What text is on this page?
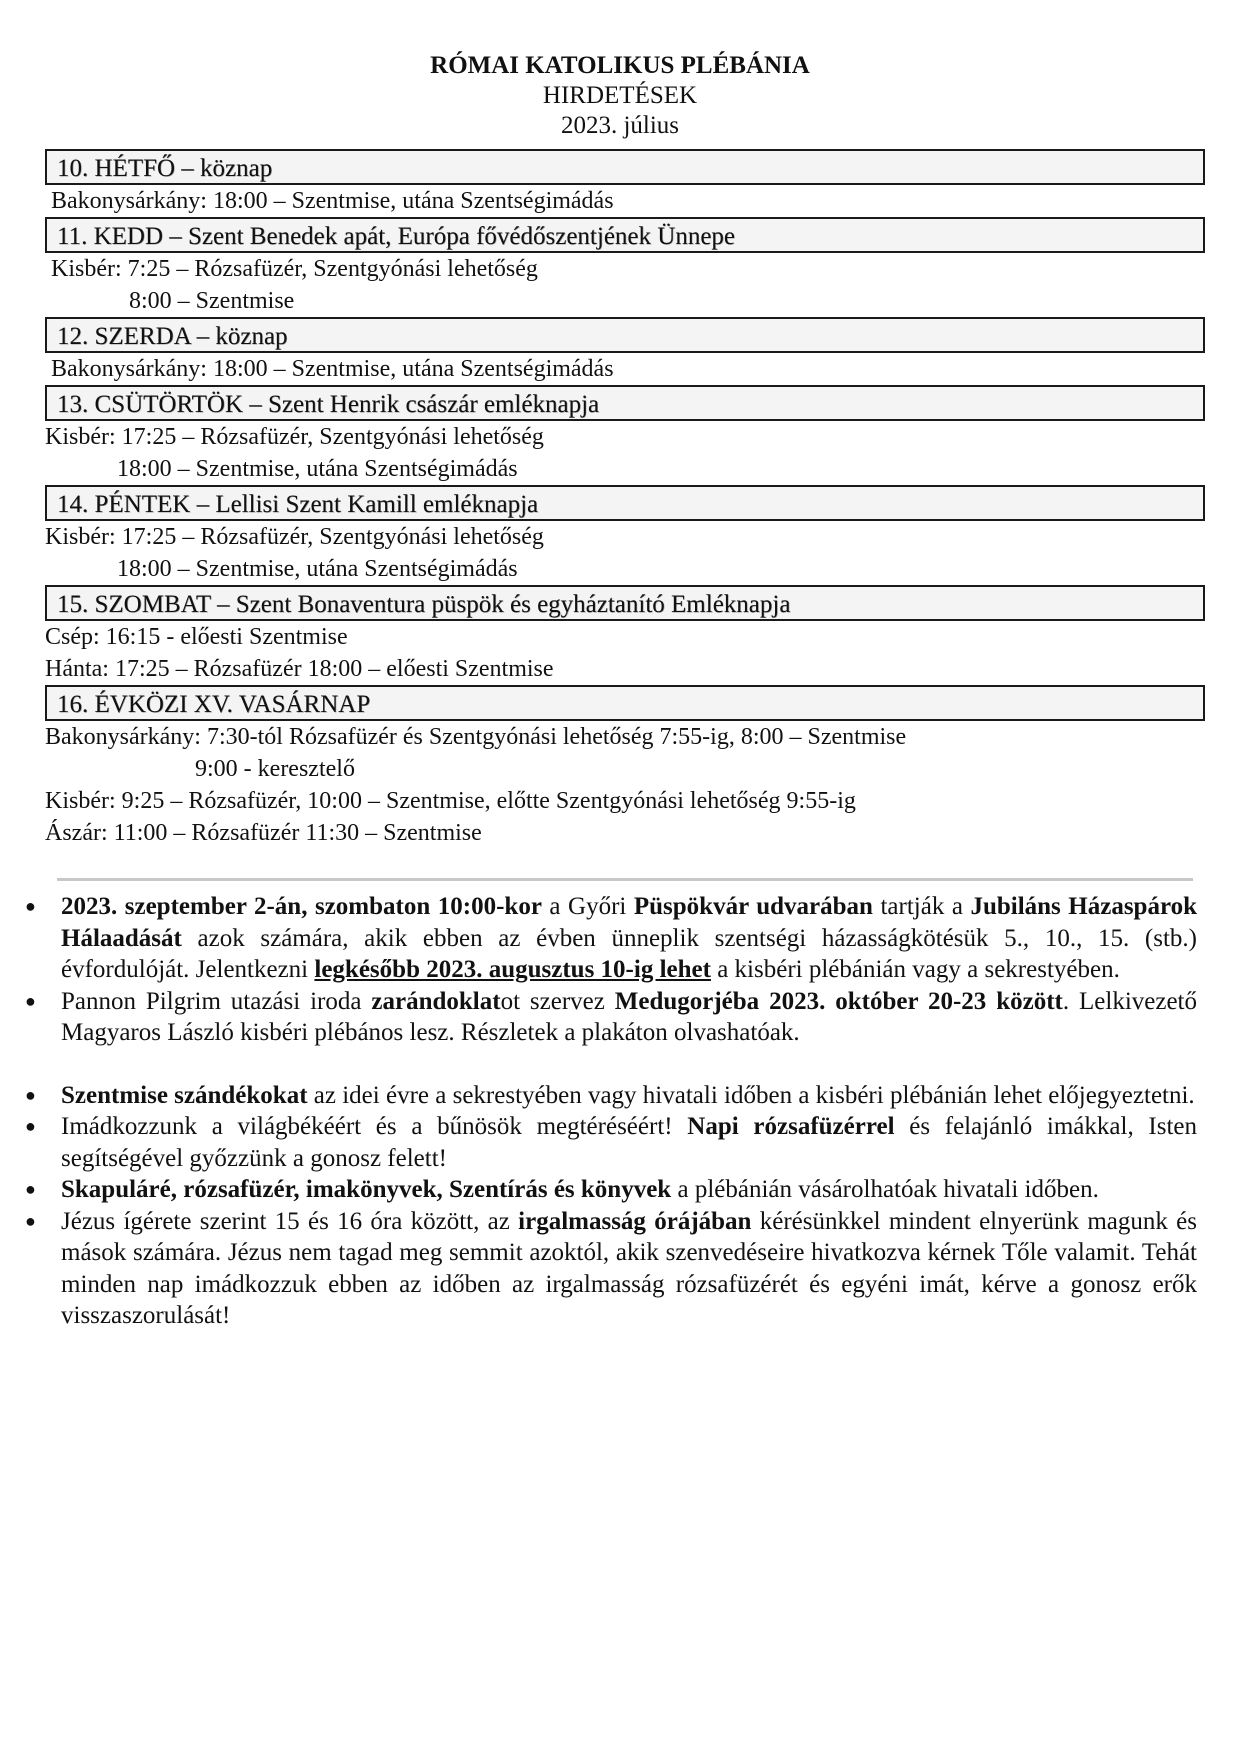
RÓMAI KATOLIKUS PLÉBÁNIA
HIRDETÉSEK
2023. július
10. HÉTFŐ – köznap
Bakonysárkány: 18:00 – Szentmise, utána Szentségimádás
11. KEDD – Szent Benedek apát, Európa fővédőszentjének Ünnepe
Kisbér: 7:25 – Rózsafüzér, Szentgyónási lehetőség
8:00 – Szentmise
12. SZERDA – köznap
Bakonysárkány: 18:00 – Szentmise, utána Szentségimádás
13. CSÜTÖRTÖK – Szent Henrik császár emléknapja
Kisbér: 17:25 – Rózsafüzér, Szentgyónási lehetőség
18:00 – Szentmise, utána Szentségimádás
14. PÉNTEK – Lellisi Szent Kamill emléknapja
Kisbér: 17:25 – Rózsafüzér, Szentgyónási lehetőség
18:00 – Szentmise, utána Szentségimádás
15. SZOMBAT – Szent Bonaventura püspök és egyháztanító Emléknapja
Csép: 16:15 - előesti Szentmise
Hánta: 17:25 – Rózsafüzér 18:00 – előesti Szentmise
16. ÉVKÖZI XV. VASÁRNAP
Bakonysárkány: 7:30-tól Rózsafüzér és Szentgyónási lehetőség 7:55-ig, 8:00 – Szentmise
9:00 - keresztelő
Kisbér: 9:25 – Rózsafüzér, 10:00 – Szentmise, előtte Szentgyónási lehetőség 9:55-ig
Ászár: 11:00 – Rózsafüzér 11:30 – Szentmise
●	2023. szeptember 2-án, szombaton 10:00-kor a Győri Püspökvár udvarában tartják a Jubiláns Házaspárok Hálaadását azok számára, akik ebben az évben ünneplik szentségi házasságkötésük 5., 10., 15. (stb.) évfordulóját. Jelentkezni legkésőbb 2023. augusztus 10-ig lehet a kisbéri plébánián vagy a sekrestyében.
●	Pannon Pilgrim utazási iroda zarándoklatot szervez Medugorjéba 2023. október 20-23 között. Lelkivezető Magyaros László kisbéri plébános lesz. Részletek a plakáton olvashatóak.
●	Szentmise szándékokat az idei évre a sekrestyében vagy hivatali időben a kisbéri plébánián lehet előjegyeztetni.
●	Imádkozzunk a világbékéért és a bűnösök megtéréséért! Napi rózsafüzérrel és felajánló imákkal, Isten segítségével győzzünk a gonosz felett!
●	Skapuláré, rózsafüzér, imakönyvek, Szentírás és könyvek a plébánián vásárolhatóak hivatali időben.
●	Jézus ígérete szerint 15 és 16 óra között, az irgalmasság órájában kérésünkkel mindent elnyerünk magunk és mások számára. Jézus nem tagad meg semmit azoktól, akik szenvedéseire hivatkozva kérnek Tőle valamit. Tehát minden nap imádkozzuk ebben az időben az irgalmasság rózsafüzérét és egyéni imát, kérve a gonosz erők visszaszorulását!
